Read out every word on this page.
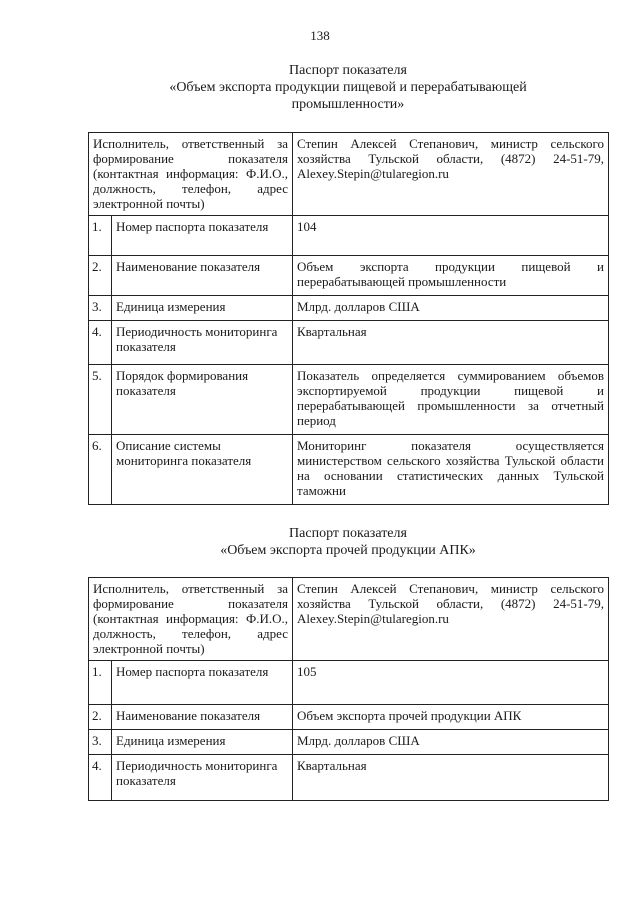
138
Паспорт показателя
«Объем экспорта продукции пищевой и перерабатывающей
промышленности»
Исполнитель, ответственный за формирование показателя (контактная информация: Ф.И.О., должность, телефон, адрес электронной почты)		Степин Алексей Степанович, министр сельского хозяйства Тульской области, (4872) 24-51-79, Alexey.Stepin@tularegion.ru
1.	Номер паспорта показателя	104
2.	Наименование показателя	Объем экспорта продукции пищевой и перерабатывающей промышленности
3.	Единица измерения	Млрд. долларов США
4.	Периодичность мониторинга показателя	Квартальная
5.	Порядок формирования показателя	Показатель определяется суммированием объемов экспортируемой продукции пищевой и перерабатывающей промышленности за отчетный период
6.	Описание системы мониторинга показателя	Мониторинг показателя осуществляется министерством сельского хозяйства Тульской области на основании статистических данных Тульской таможни
Паспорт показателя
«Объем экспорта прочей продукции АПК»
Исполнитель, ответственный за формирование показателя (контактная информация: Ф.И.О., должность, телефон, адрес электронной почты)		Степин Алексей Степанович, министр сельского хозяйства Тульской области, (4872) 24-51-79, Alexey.Stepin@tularegion.ru
1.	Номер паспорта показателя	105
2.	Наименование показателя	Объем экспорта прочей продукции АПК
3.	Единица измерения	Млрд. долларов США
4.	Периодичность мониторинга показателя	Квартальная
